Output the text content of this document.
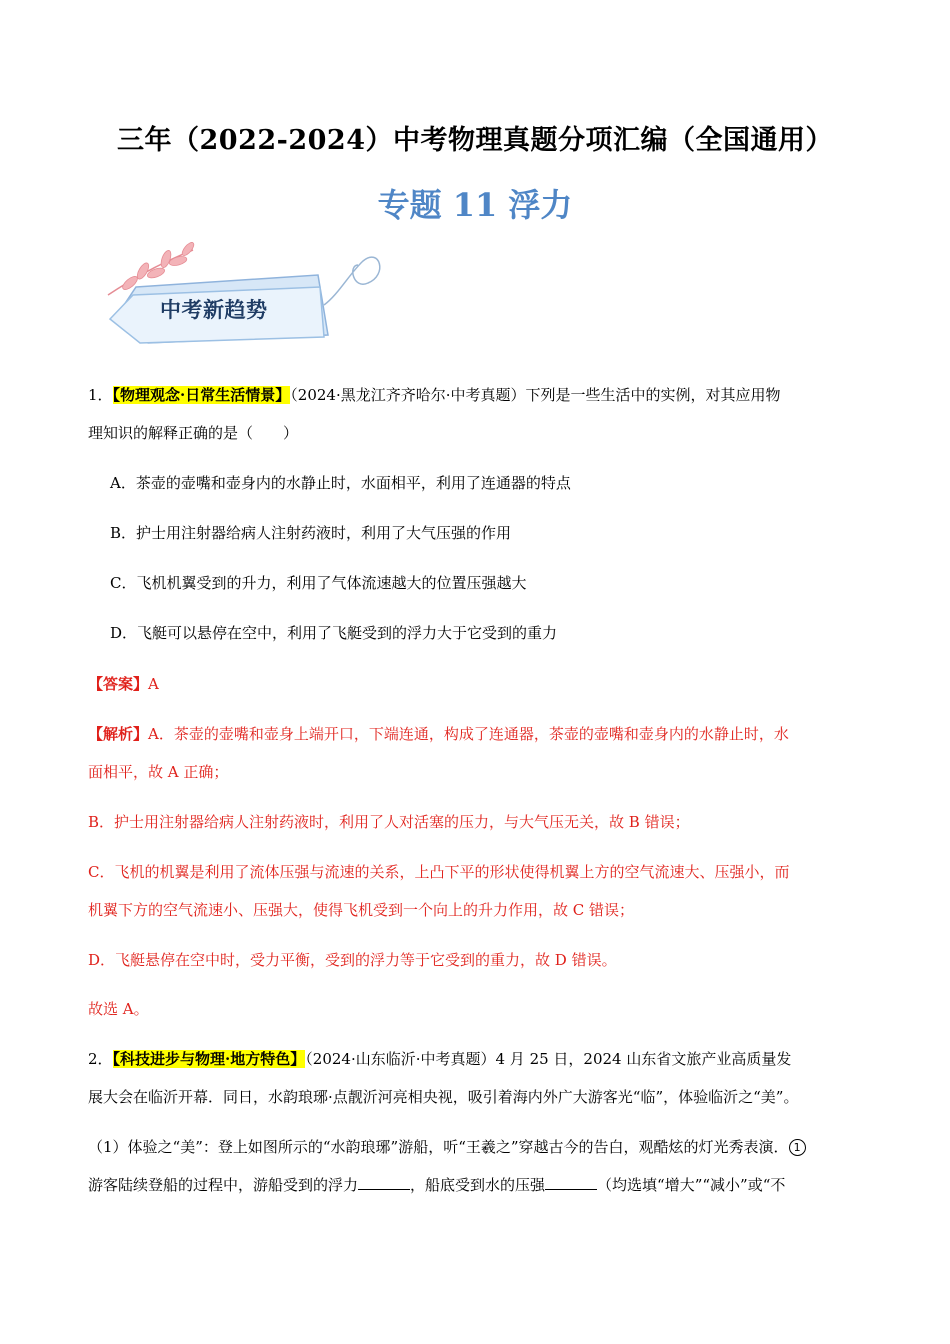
三年（2022-2024）中考物理真题分项汇编（全国通用）
专题 11 浮力
中考新趋势
1．【物理观念·日常生活情景】（2024·黑龙江齐齐哈尔·中考真题）下列是一些生活中的实例，对其应用物
理知识的解释正确的是（　　）
A．茶壶的壶嘴和壶身内的水静止时，水面相平，利用了连通器的特点
B．护士用注射器给病人注射药液时，利用了大气压强的作用
C．飞机机翼受到的升力，利用了气体流速越大的位置压强越大
D．飞艇可以悬停在空中，利用了飞艇受到的浮力大于它受到的重力
【答案】A
【解析】A．茶壶的壶嘴和壶身上端开口，下端连通，构成了连通器，茶壶的壶嘴和壶身内的水静止时，水
面相平，故 A 正确；
B．护士用注射器给病人注射药液时，利用了人对活塞的压力，与大气压无关，故 B 错误；
C．飞机的机翼是利用了流体压强与流速的关系，上凸下平的形状使得机翼上方的空气流速大、压强小，而
机翼下方的空气流速小、压强大，使得飞机受到一个向上的升力作用，故 C 错误；
D．飞艇悬停在空中时，受力平衡，受到的浮力等于它受到的重力，故 D 错误。
故选 A。
2．【科技进步与物理·地方特色】（2024·山东临沂·中考真题）4 月 25 日，2024 山东省文旅产业高质量发
展大会在临沂开幕．同日，水韵琅琊·点靓沂河亮相央视，吸引着海内外广大游客光“临”，体验临沂之“美”。
（1）体验之“美”：登上如图所示的“水韵琅琊”游船，听“王羲之”穿越古今的告白，观酷炫的灯光秀表演． 1
游客陆续登船的过程中，游船受到的浮力	，船底受到水的压强	（均选填“增大”“减小”或“不
